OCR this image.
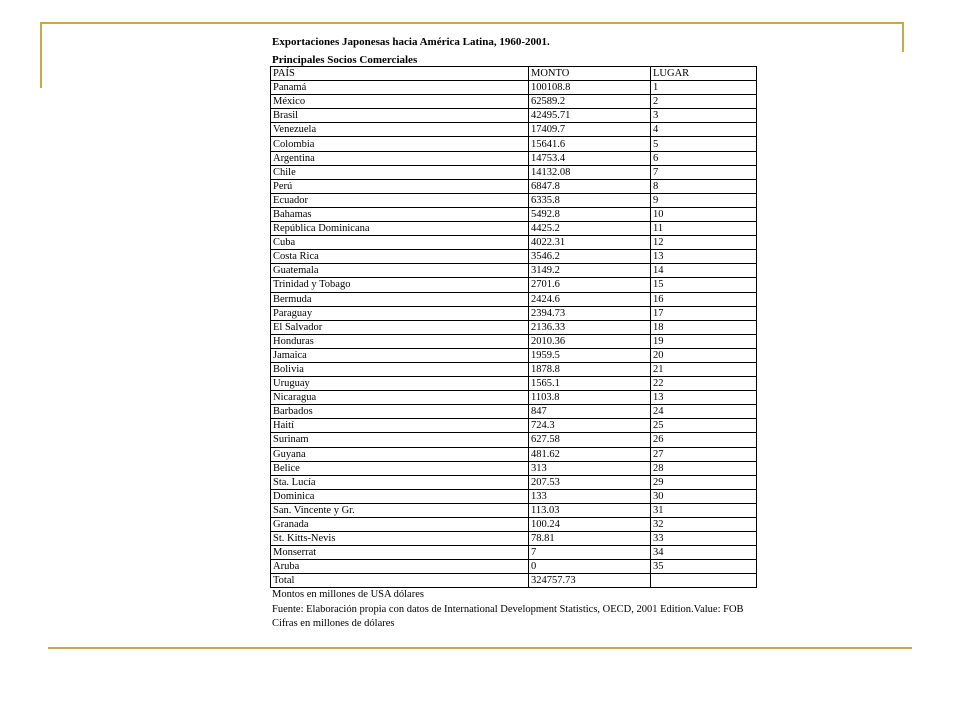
Exportaciones Japonesas hacia América Latina, 1960-2001.
Principales Socios Comerciales
PAÍS	MONTO	LUGAR
Panamá	100108.8	1
México	62589.2	2
Brasil	42495.71	3
Venezuela	17409.7	4
Colombia	15641.6	5
Argentina	14753.4	6
Chile	14132.08	7
Perú	6847.8	8
Ecuador	6335.8	9
Bahamas	5492.8	10
República Dominicana	4425.2	11
Cuba	4022.31	12
Costa Rica	3546.2	13
Guatemala	3149.2	14
Trinidad y Tobago	2701.6	15
Bermuda	2424.6	16
Paraguay	2394.73	17
El Salvador	2136.33	18
Honduras	2010.36	19
Jamaica	1959.5	20
Bolivia	1878.8	21
Uruguay	1565.1	22
Nicaragua	1103.8	13
Barbados	847	24
Haití	724.3	25
Surinam	627.58	26
Guyana	481.62	27
Belice	313	28
Sta. Lucía	207.53	29
Dominica	133	30
San. Vincente y Gr.	113.03	31
Granada	100.24	32
St. Kitts-Nevis	78.81	33
Monserrat	7	34
Aruba	0	35
Total	324757.73	
Montos en millones de USA dólares
Fuente: Elaboración propia con datos de International Development Statistics, OECD, 2001 Edition.Value: FOB
Cifras en millones de dólares
